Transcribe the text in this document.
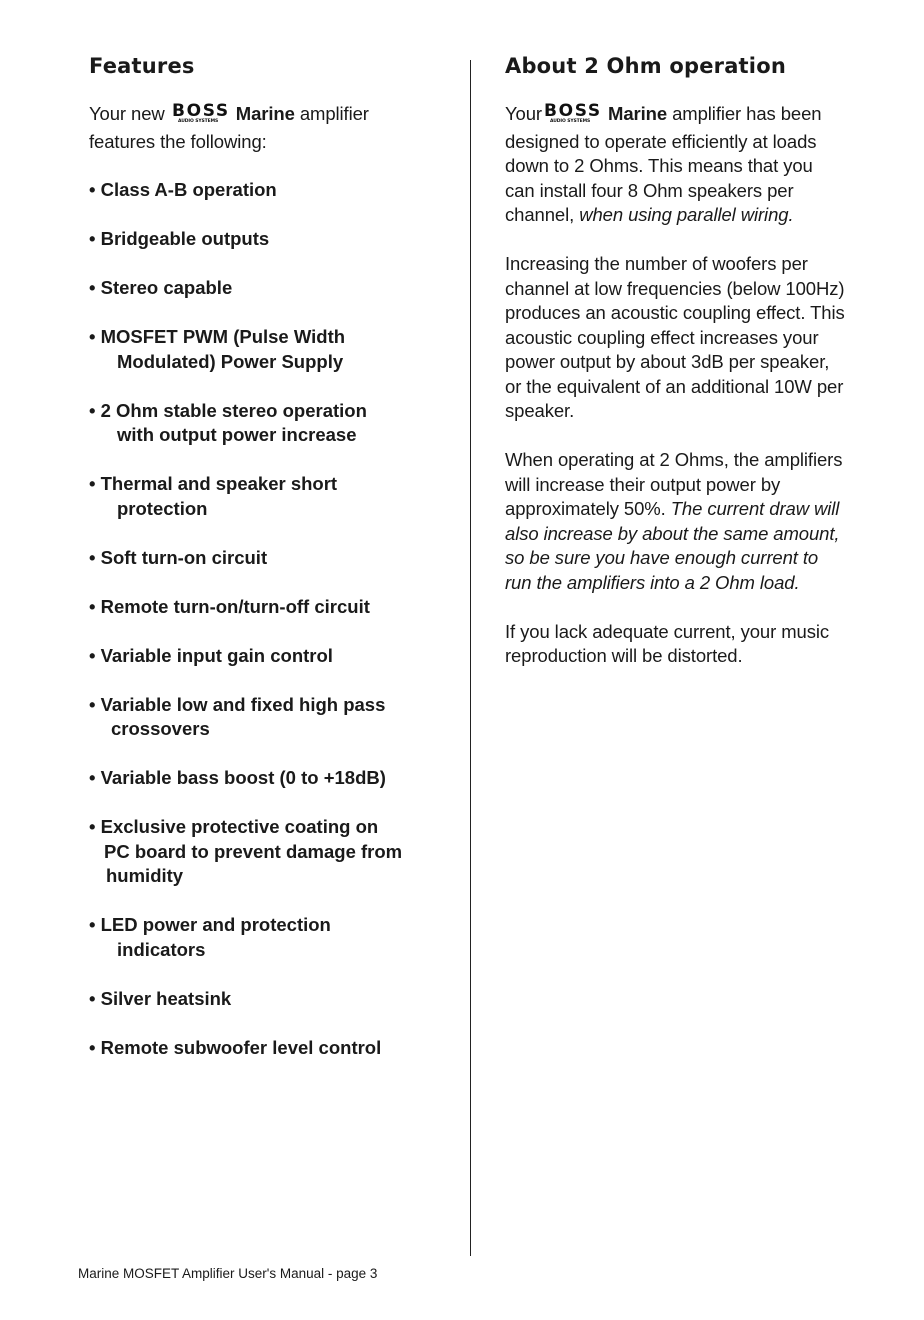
Features

Your new BOSS
AUDIO SYSTEMS Marine amplifier
features the following:

• Class A-B operation
• Bridgeable outputs
• Stereo capable
• MOSFET PWM (Pulse Width
Modulated) Power Supply
• 2 Ohm stable stereo operation
with output power increase
• Thermal and speaker short
protection
• Soft turn-on circuit
• Remote turn-on/turn-off circuit
• Variable input gain control
• Variable low and fixed high pass
crossovers
• Variable bass boost (0 to +18dB)
• Exclusive protective coating on
PC board to prevent damage from
humidity
• LED power and protection
indicators
• Silver heatsink
• Remote subwoofer level control
About 2 Ohm operation

Your BOSS
AUDIO SYSTEMS Marine amplifier has been designed to operate efficiently at loads down to 2 Ohms. This means that you can install four 8 Ohm speakers per channel, when using parallel wiring.

Increasing the number of woofers per channel at low frequencies (below 100Hz) produces an acoustic coupling effect. This acoustic coupling effect increases your power output by about 3dB per speaker, or the equivalent of an additional 10W per speaker.

When operating at 2 Ohms, the amplifiers will increase their output power by approximately 50%. The current draw will also increase by about the same amount, so be sure you have enough current to run the amplifiers into a 2 Ohm load.

If you lack adequate current, your music reproduction will be distorted.

Marine MOSFET Amplifier User's Manual - page 3
